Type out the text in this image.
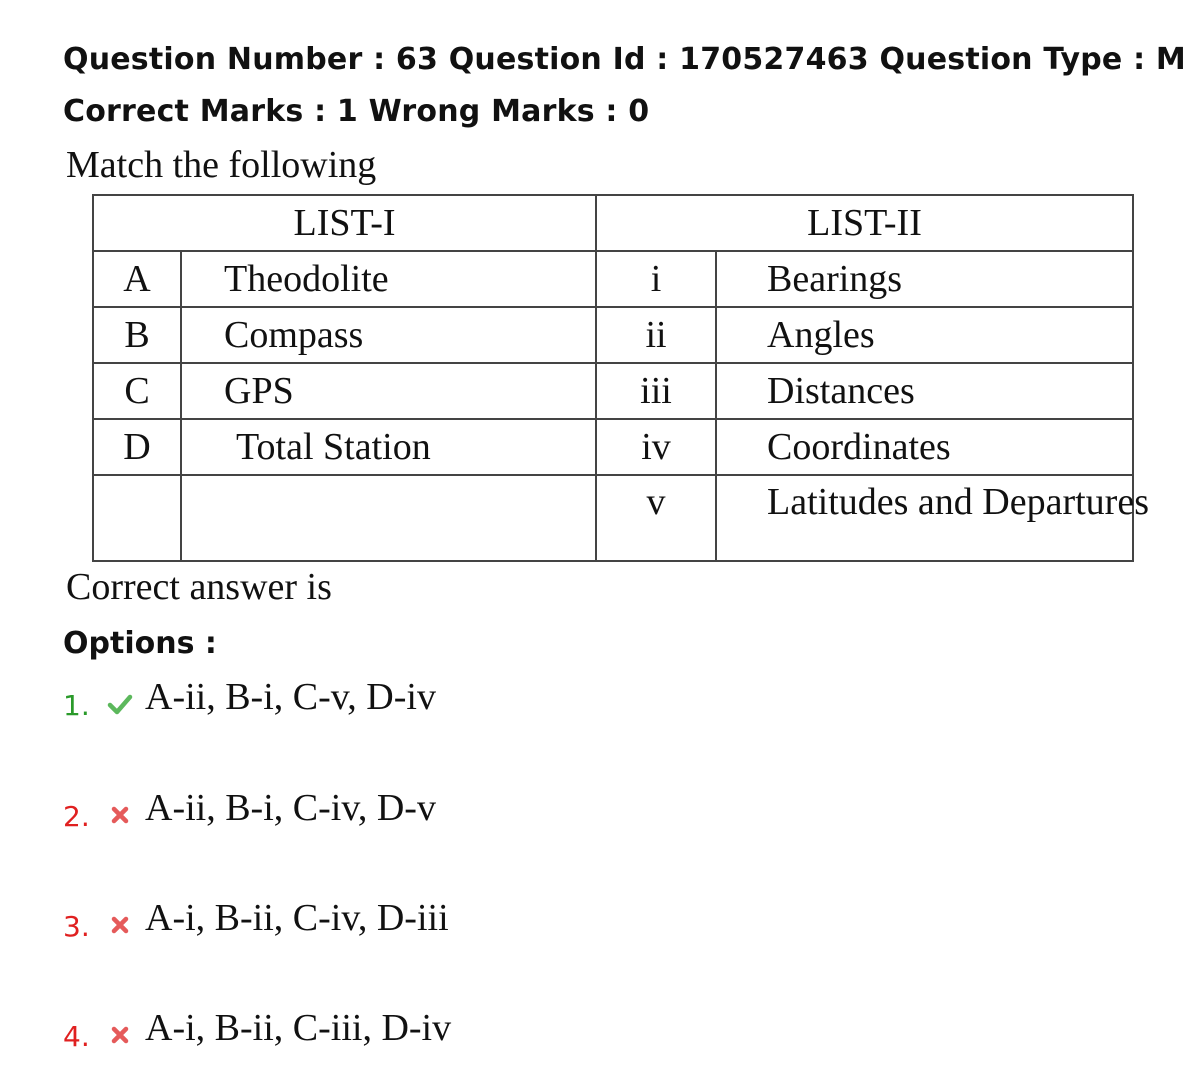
Question Number : 63 Question Id : 170527463 Question Type : M
Correct Marks : 1 Wrong Marks : 0
Match the following
LIST-I		LIST-II	
A	Theodolite	i	Bearings
B	Compass	ii	Angles
C	GPS	iii	Distances
D	Total Station	iv	Coordinates
		v	Latitudes and Departures
Correct answer is
Options :
1. A-ii, B-i, C-v, D-iv
2. A-ii, B-i, C-iv, D-v
3. A-i, B-ii, C-iv, D-iii
4. A-i, B-ii, C-iii, D-iv
